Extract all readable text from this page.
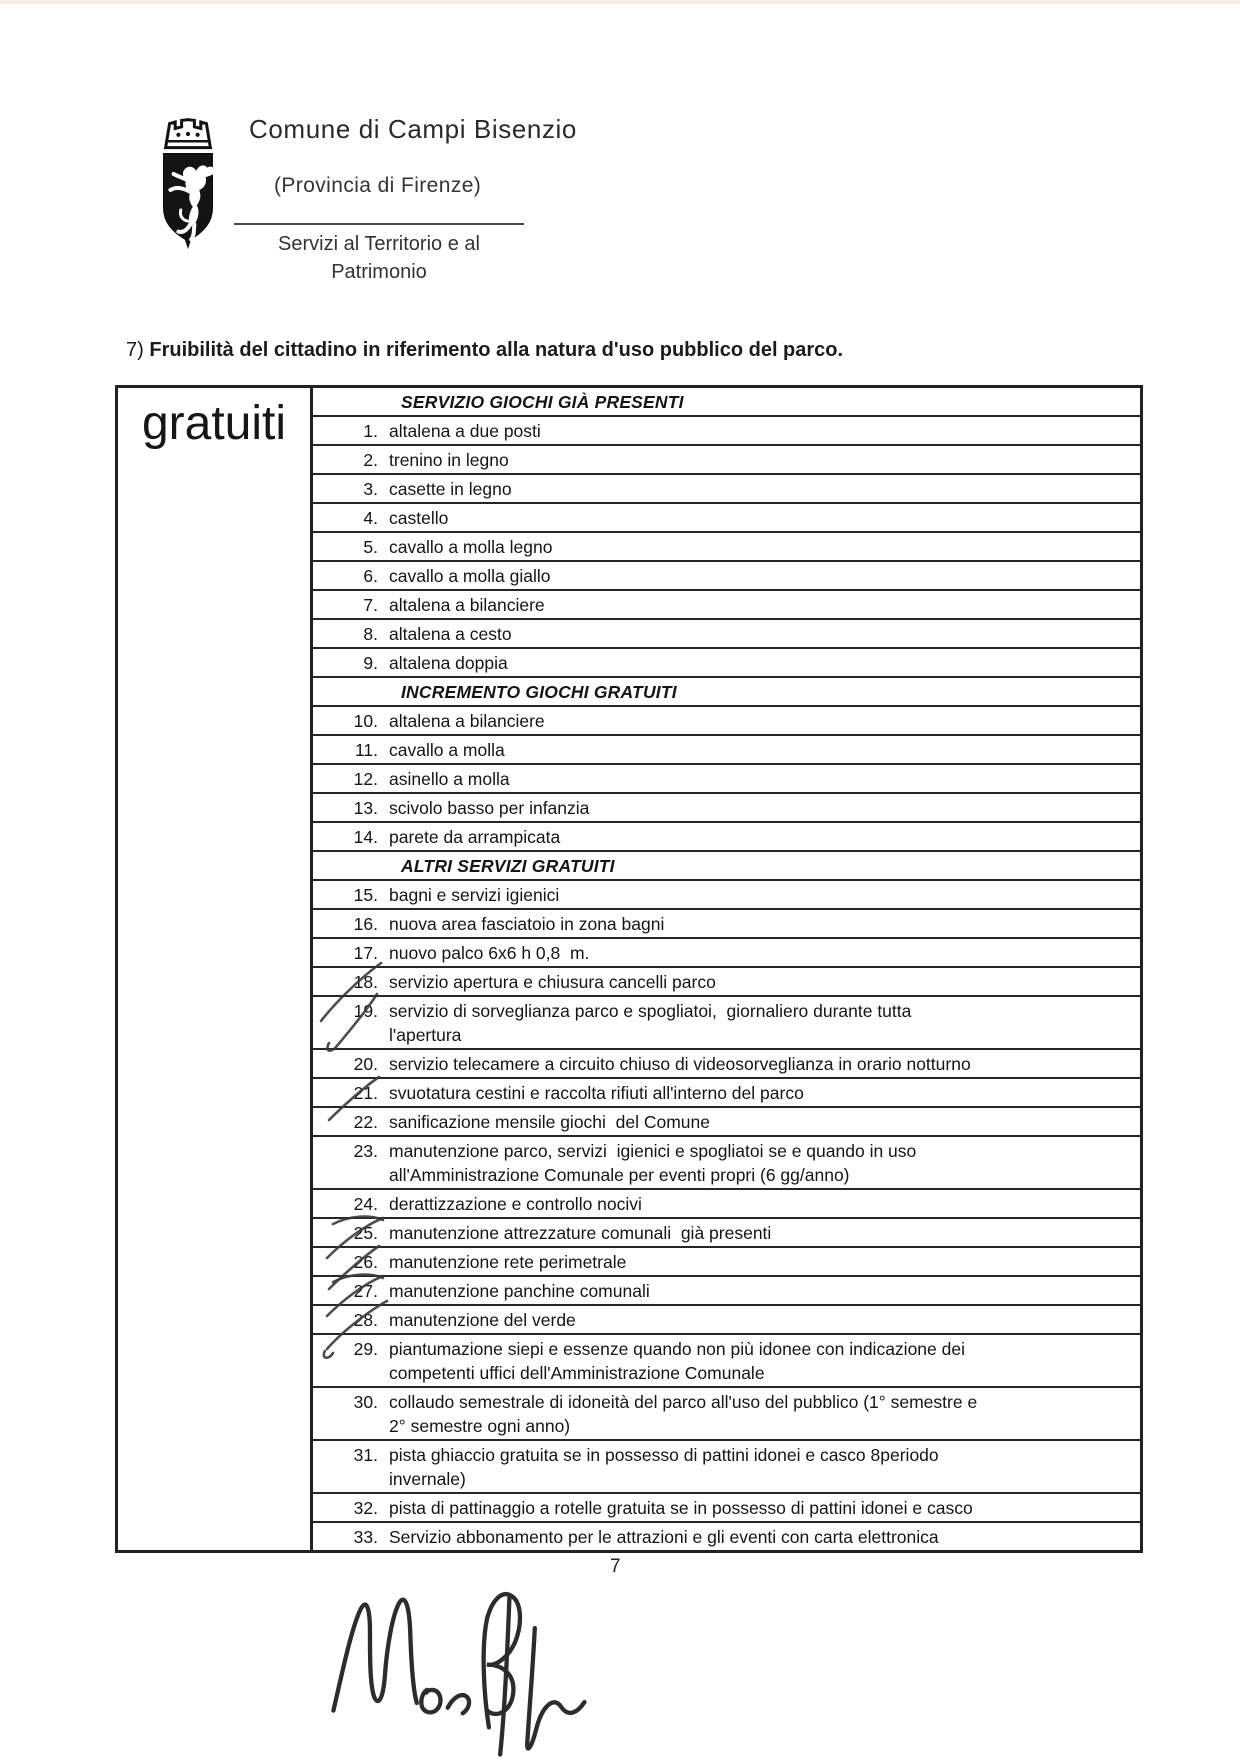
Comune di Campi Bisenzio
(Provincia di Firenze)
Servizi al Territorio e al
Patrimonio
7) Fruibilità del cittadino in riferimento alla natura d'uso pubblico del parco.
gratuiti	SERVIZIO GIOCHI GIÀ PRESENTI
1. altalena a due posti
2. trenino in legno
3. casette in legno
4. castello
5. cavallo a molla legno
6. cavallo a molla giallo
7. altalena a bilanciere
8. altalena a cesto
9. altalena doppia
INCREMENTO GIOCHI GRATUITI
10. altalena a bilanciere
11. cavallo a molla
12. asinello a molla
13. scivolo basso per infanzia
14. parete da arrampicata
ALTRI SERVIZI GRATUITI
15. bagni e servizi igienici
16. nuova area fasciatoio in zona bagni
17. nuovo palco 6x6 h 0,8  m.
18. servizio apertura e chiusura cancelli parco
19. servizio di sorveglianza parco e spogliatoi,  giornaliero durante tutta
l'apertura
20. servizio telecamere a circuito chiuso di videosorveglianza in orario notturno
21. svuotatura cestini e raccolta rifiuti all'interno del parco
22. sanificazione mensile giochi  del Comune
23. manutenzione parco, servizi  igienici e spogliatoi se e quando in uso
all'Amministrazione Comunale per eventi propri (6 gg/anno)
24. derattizzazione e controllo nocivi
25. manutenzione attrezzature comunali  già presenti
26. manutenzione rete perimetrale
27. manutenzione panchine comunali
28. manutenzione del verde
29. piantumazione siepi e essenze quando non più idonee con indicazione dei
competenti uffici dell'Amministrazione Comunale
30. collaudo semestrale di idoneità del parco all'uso del pubblico (1° semestre e
2° semestre ogni anno)
31. pista ghiaccio gratuita se in possesso di pattini idonei e casco 8periodo
invernale)
32. pista di pattinaggio a rotelle gratuita se in possesso di pattini idonei e casco
33. Servizio abbonamento per le attrazioni e gli eventi con carta elettronica
7
